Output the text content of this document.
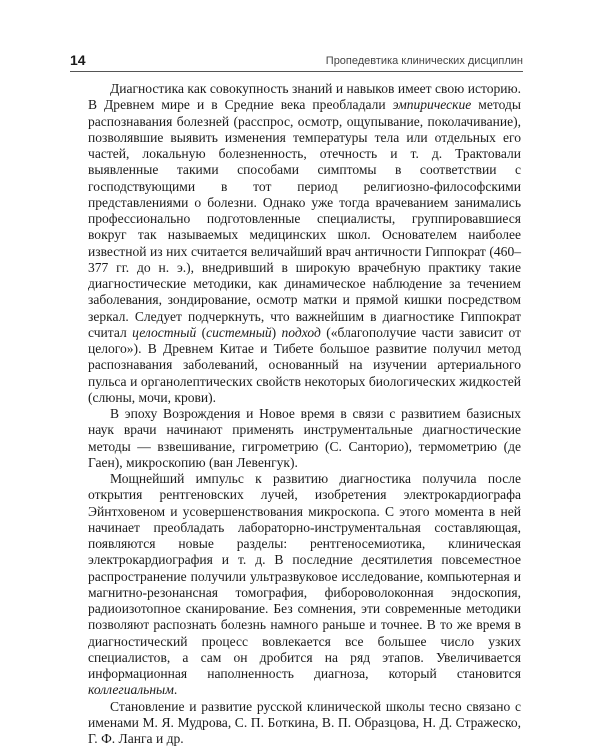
14	Пропедевтика клинических дисциплин

Диагностика как совокупность знаний и навыков имеет свою историю. В Древнем мире и в Средние века преобладали эмпирические методы распознавания болезней (расспрос, осмотр, ощупывание, поколачивание), позволявшие выявить изменения температуры тела или отдельных его частей, локальную болезненность, отечность и т. д. Трактовали выявленные такими способами симптомы в соответствии с господствующими в тот период религиозно-философскими представлениями о болезни. Однако уже тогда врачеванием занимались профессионально подготовленные специалисты, группировавшиеся вокруг так называемых медицинских школ. Основателем наиболее известной из них считается величайший врач античности Гиппократ (460–377 гг. до н. э.), внедривший в широкую врачебную практику такие диагностические методики, как динамическое наблюдение за течением заболевания, зондирование, осмотр матки и прямой кишки посредством зеркал. Следует подчеркнуть, что важнейшим в диагностике Гиппократ считал целостный (системный) подход («благополучие части зависит от целого»). В Древнем Китае и Тибете большое развитие получил метод распознавания заболеваний, основанный на изучении артериального пульса и органолептических свойств некоторых биологических жидкостей (слюны, мочи, крови).

В эпоху Возрождения и Новое время в связи с развитием базисных наук врачи начинают применять инструментальные диагностические методы — взвешивание, гигрометрию (С. Санторио), термометрию (де Гаен), микроскопию (ван Левенгук).

Мощнейший импульс к развитию диагностика получила после открытия рентгеновских лучей, изобретения электрокардиографа Эйнтховеном и усовершенствования микроскопа. С этого момента в ней начинает преобладать лабораторно-инструментальная составляющая, появляются новые разделы: рентгеносемиотика, клиническая электрокардиография и т. д. В последние десятилетия повсеместное распространение получили ультразвуковое исследование, компьютерная и магнитно-резонансная томография, фибороволоконная эндоскопия, радиоизотопное сканирование. Без сомнения, эти современные методики позволяют распознать болезнь намного раньше и точнее. В то же время в диагностический процесс вовлекается все большее число узких специалистов, а сам он дробится на ряд этапов. Увеличивается информационная наполненность диагноза, который становится коллегиальным.

Становление и развитие русской клинической школы тесно связано с именами М. Я. Мудрова, С. П. Боткина, В. П. Образцова, Н. Д. Стражеско, Г. Ф. Ланга и др.
